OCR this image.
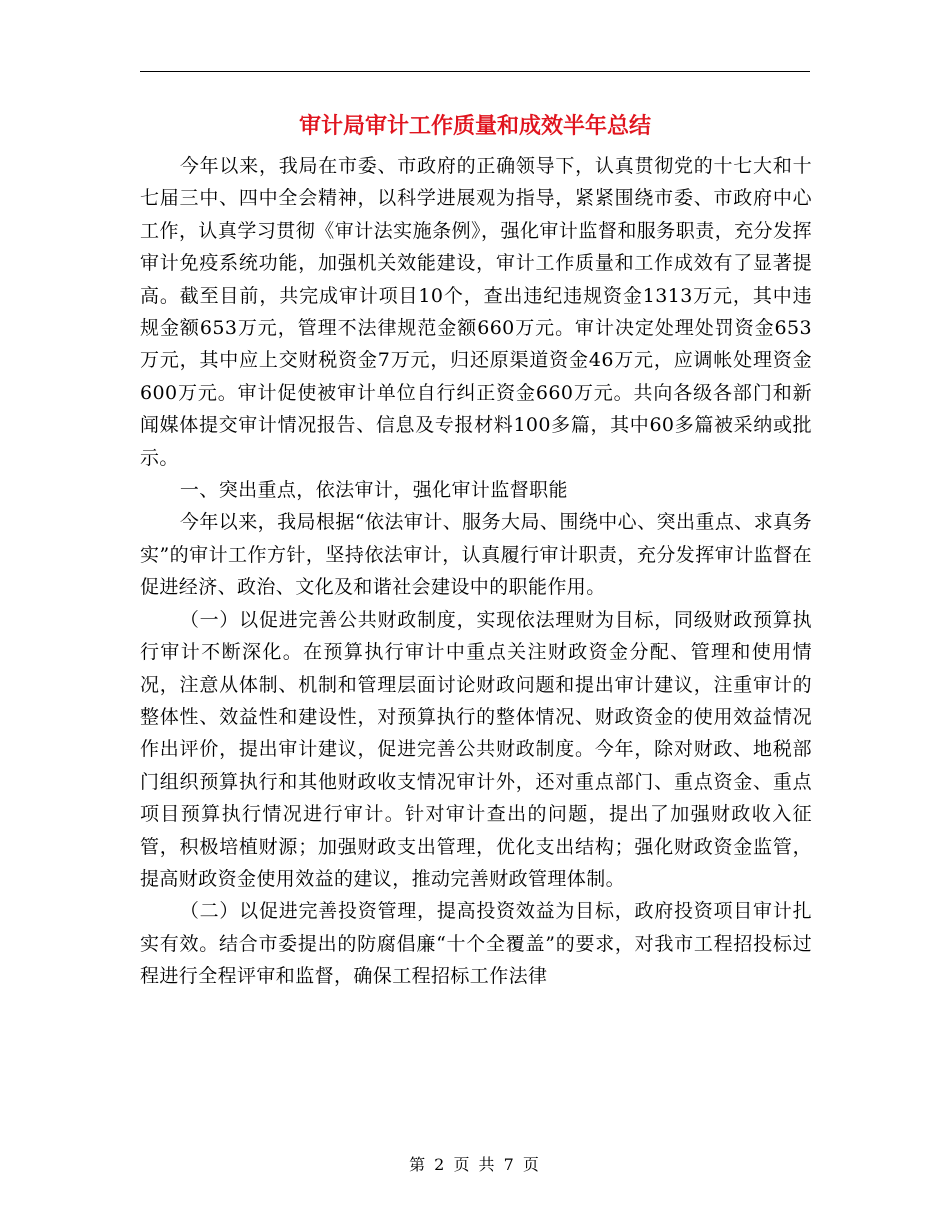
审计局审计工作质量和成效半年总结

今年以来，我局在市委、市政府的正确领导下，认真贯彻党的十七大和十七届三中、四中全会精神，以科学进展观为指导，紧紧围绕市委、市政府中心工作，认真学习贯彻《审计法实施条例》，强化审计监督和服务职责，充分发挥审计免疫系统功能，加强机关效能建设，审计工作质量和工作成效有了显著提高。截至目前，共完成审计项目10个，查出违纪违规资金1313万元，其中违规金额653万元，管理不法律规范金额660万元。审计决定处理处罚资金653万元，其中应上交财税资金7万元，归还原渠道资金46万元，应调帐处理资金600万元。审计促使被审计单位自行纠正资金660万元。共向各级各部门和新闻媒体提交审计情况报告、信息及专报材料100多篇，其中60多篇被采纳或批示。

一、突出重点，依法审计，强化审计监督职能

今年以来，我局根据“依法审计、服务大局、围绕中心、突出重点、求真务实”的审计工作方针，坚持依法审计，认真履行审计职责，充分发挥审计监督在促进经济、政治、文化及和谐社会建设中的职能作用。

（一）以促进完善公共财政制度，实现依法理财为目标，同级财政预算执行审计不断深化。在预算执行审计中重点关注财政资金分配、管理和使用情况，注意从体制、机制和管理层面讨论财政问题和提出审计建议，注重审计的整体性、效益性和建设性，对预算执行的整体情况、财政资金的使用效益情况作出评价，提出审计建议，促进完善公共财政制度。今年，除对财政、地税部门组织预算执行和其他财政收支情况审计外，还对重点部门、重点资金、重点项目预算执行情况进行审计。针对审计查出的问题，提出了加强财政收入征管，积极培植财源；加强财政支出管理，优化支出结构；强化财政资金监管，提高财政资金使用效益的建议，推动完善财政管理体制。

（二）以促进完善投资管理，提高投资效益为目标，政府投资项目审计扎实有效。结合市委提出的防腐倡廉“十个全覆盖”的要求，对我市工程招投标过程进行全程评审和监督，确保工程招标工作法律

第 2 页 共 7 页
